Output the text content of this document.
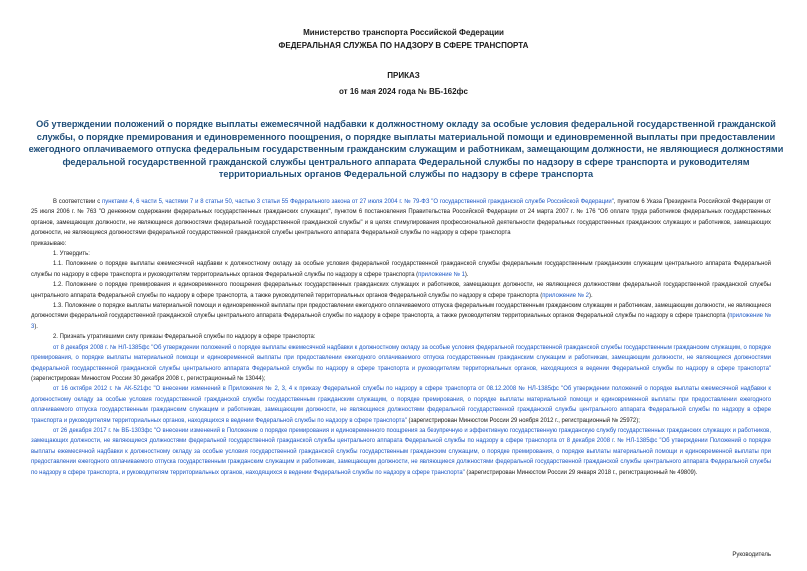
Министерство транспорта Российской Федерации
ФЕДЕРАЛЬНАЯ СЛУЖБА ПО НАДЗОРУ В СФЕРЕ ТРАНСПОРТА
ПРИКАЗ
от 16 мая 2024 года № ВБ-162фс
Об утверждении положений о порядке выплаты ежемесячной надбавки к должностному окладу за особые условия федеральной государственной гражданской службы, о порядке премирования и единовременного поощрения, о порядке выплаты материальной помощи и единовременной выплаты при предоставлении ежегодного оплачиваемого отпуска федеральным государственным гражданским служащим и работникам, замещающим должности, не являющиеся должностями федеральной государственной гражданской службы центрального аппарата Федеральной службы по надзору в сфере транспорта и руководителям территориальных органов Федеральной службы по надзору в сфере транспорта

В соответствии с пунктами 4, 6 части 5, частями 7 и 8 статьи 50, частью 3 статьи 55 Федерального закона от 27 июля 2004 г. № 79-ФЗ "О государственной гражданской службе Российской Федерации", пунктом 6 Указа Президента Российской Федерации от 25 июля 2006 г. № 763 "О денежном содержании федеральных государственных гражданских служащих", пунктом 6 постановления Правительства Российской Федерации от 24 марта 2007 г. № 176 "Об оплате труда работников федеральных государственных органов, замещающих должности, не являющиеся должностями федеральной государственной гражданской службы" и в целях стимулирования профессиональной деятельности федеральных государственных гражданских служащих и работников, замещающих должности, не являющиеся должностями федеральной государственной гражданской службы центрального аппарата Федеральной службы по надзору в сфере транспорта

приказываю:

1. Утвердить:

1.1. Положение о порядке выплаты ежемесячной надбавки к должностному окладу за особые условия федеральной государственной гражданской службы федеральным государственным гражданским служащим центрального аппарата Федеральной службы по надзору в сфере транспорта и руководителям территориальных органов Федеральной службы по надзору в сфере транспорта (приложение № 1).

1.2. Положение о порядке премирования и единовременного поощрения федеральных государственных гражданских служащих и работников, замещающих должности, не являющиеся должностями федеральной государственной гражданской службы центрального аппарата Федеральной службы по надзору в сфере транспорта, а также руководителей территориальных органов Федеральной службы по надзору в сфере транспорта (приложение № 2).

1.3. Положение о порядке выплаты материальной помощи и единовременной выплаты при предоставлении ежегодного оплачиваемого отпуска федеральным государственным гражданским служащим и работникам, замещающим должности, не являющиеся должностями федеральной государственной гражданской службы центрального аппарата Федеральной службы по надзору в сфере транспорта, а также руководителям территориальных органов Федеральной службы по надзору в сфере транспорта (приложение № 3).

2. Признать утратившими силу приказы Федеральной службы по надзору в сфере транспорта:

от 8 декабря 2008 г. № НЛ-1385фс "Об утверждении положений о порядке выплаты ежемесячной надбавки к должностному окладу за особые условия федеральной государственной гражданской службы государственным гражданским служащим, о порядке премирования, о порядке выплаты материальной помощи и единовременной выплаты при предоставлении ежегодного оплачиваемого отпуска государственным гражданским служащим и работникам, замещающим должности, не являющиеся должностями федеральной государственной гражданской службы центрального аппарата Федеральной службы по надзору в сфере транспорта и руководителям территориальных органов, находящихся в ведении Федеральной службы по надзору в сфере транспорта" (зарегистрирован Минюстом России 30 декабря 2008 г., регистрационный № 13044);

от 16 октября 2012 г. № АК-521фс "О внесении изменений в Приложения № 2, 3, 4 к приказу Федеральной службы по надзору в сфере транспорта от 08.12.2008 № НЛ-1385фс "Об утверждении положений о порядке выплаты ежемесячной надбавки к должностному окладу за особые условия государственной гражданской службы государственным гражданским служащим, о порядке премирования, о порядке выплаты материальной помощи и единовременной выплаты при предоставлении ежегодного оплачиваемого отпуска государственным гражданским служащим и работникам, замещающим должности, не являющиеся должностями федеральной государственной гражданской службы центрального аппарата Федеральной службы по надзору в сфере транспорта и руководителям территориальных органов, находящихся в ведении Федеральной службы по надзору в сфере транспорта" (зарегистрирован Минюстом России 29 ноября 2012 г., регистрационный № 25972);

от 26 декабря 2017 г. № ВБ-1303фс "О внесении изменений в Положение о порядке премирования и единовременного поощрения за безупречную и эффективную государственную гражданскую службу государственных гражданских служащих и работников, замещающих должности, не являющиеся должностями федеральной государственной гражданской службы центрального аппарата Федеральной службы по надзору в сфере транспорта от 8 декабря 2008 г. № НЛ-1385фс "Об утверждении Положений о порядке выплаты ежемесячной надбавки к должностному окладу за особые условия государственной гражданской службы государственным гражданским служащим, о порядке премирования, о порядке выплаты материальной помощи и единовременной выплаты при предоставлении ежегодного оплачиваемого отпуска государственным гражданским служащим и работникам, замещающим должности, не являющиеся должностями федеральной государственной гражданской службы центрального аппарата Федеральной службы по надзору в сфере транспорта, и руководителям территориальных органов, находящихся в ведении Федеральной службы по надзору в сфере транспорта" (зарегистрирован Минюстом России 29 января 2018 г., регистрационный № 49809).

Руководитель
